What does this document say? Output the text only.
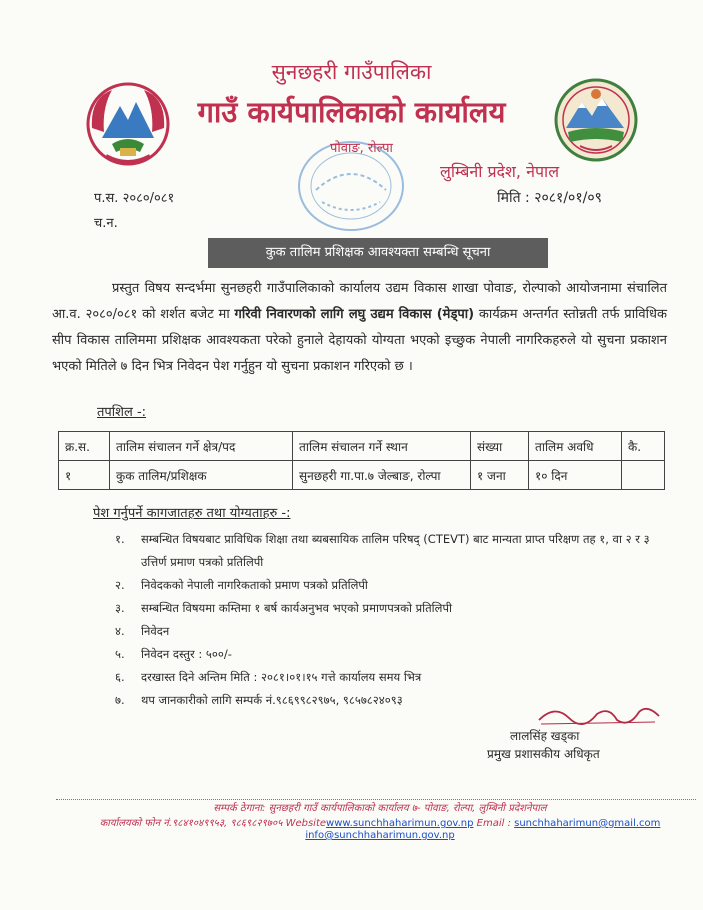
सुनछहरी गाउँपालिका
गाउँ कार्यपालिकाको कार्यालय
पोवाङ, रोल्पा
लुम्बिनी प्रदेश, नेपाल
प.स. २०८०/०८१	मिति : २०८१/०१/०९
च.न.
कुक तालिम प्रशिक्षक आवश्यक्ता सम्बन्धि सूचना
प्रस्तुत विषय सन्दर्भमा सुनछहरी गाउँपालिकाको कार्यालय उद्यम विकास शाखा पोवाङ, रोल्पाको आयोजनामा संचालित आ.व. २०८०/०८१ को शर्शत बजेट मा गरिवी निवारणको लागि लघु उद्यम विकास (मेड्पा) कार्यक्रम अन्तर्गत स्तोन्नती तर्फ प्राविधिक सीप विकास तालिममा प्रशिक्षक आवश्यकता परेको हुनाले देहायको योग्यता भएको इच्छुक नेपाली नागरिकहरुले यो सुचना प्रकाशन भएको मितिले ७ दिन भित्र निवेदन पेश गर्नुहुन यो सुचना प्रकाशन गरिएको छ ।
तपशिल -:
क्र.स.	तालिम संचालन गर्ने क्षेत्र/पद	तालिम संचालन गर्ने स्थान	संख्या	तालिम अवधि	कै.
१	कुक तालिम/प्रशिक्षक	सुनछहरी गा.पा.७ जेल्बाङ, रोल्पा	१ जना	१० दिन	
पेश गर्नुपर्ने कागजातहरु तथा योग्यताहरु -:
१.	सम्बन्धित विषयबाट प्राविधिक शिक्षा तथा ब्यबसायिक तालिम परिषद् (CTEVT) बाट मान्यता प्राप्त परिक्षण तह १, वा २ र ३ उत्तिर्ण प्रमाण पत्रको प्रतिलिपी
२.	निवेदकको नेपाली नागरिकताको प्रमाण पत्रको प्रतिलिपी
३.	सम्बन्धित विषयमा कम्तिमा १ बर्ष कार्यअनुभव भएको प्रमाणपत्रको प्रतिलिपी
४.	निवेदन
५.	निवेदन दस्तुर : ५००/-
६.	दरखास्त दिने अन्तिम मिति : २०८१।०१।१५ गत्ते कार्यालय समय भित्र
७.	थप जानकारीको लागि सम्पर्क नं.९८६९९८२९७५, ९८५७८२४०९३
लालसिंह खड्का
प्रमुख प्रशासकीय अधिकृत
सम्पर्क ठेगाना: सुनछहरी गाउँ कार्यपालिकाको कार्यालय ७- पोवाङ, रोल्पा, लुम्बिनी प्रदेशनेपाल
कार्यालयको फोन नं.९८४१०४९९५३, ९८६९८२९७०५ Websitewww.sunchhaharimun.gov.np Email : sunchhaharimun@gmail.com
info@sunchhaharimun.gov.np
